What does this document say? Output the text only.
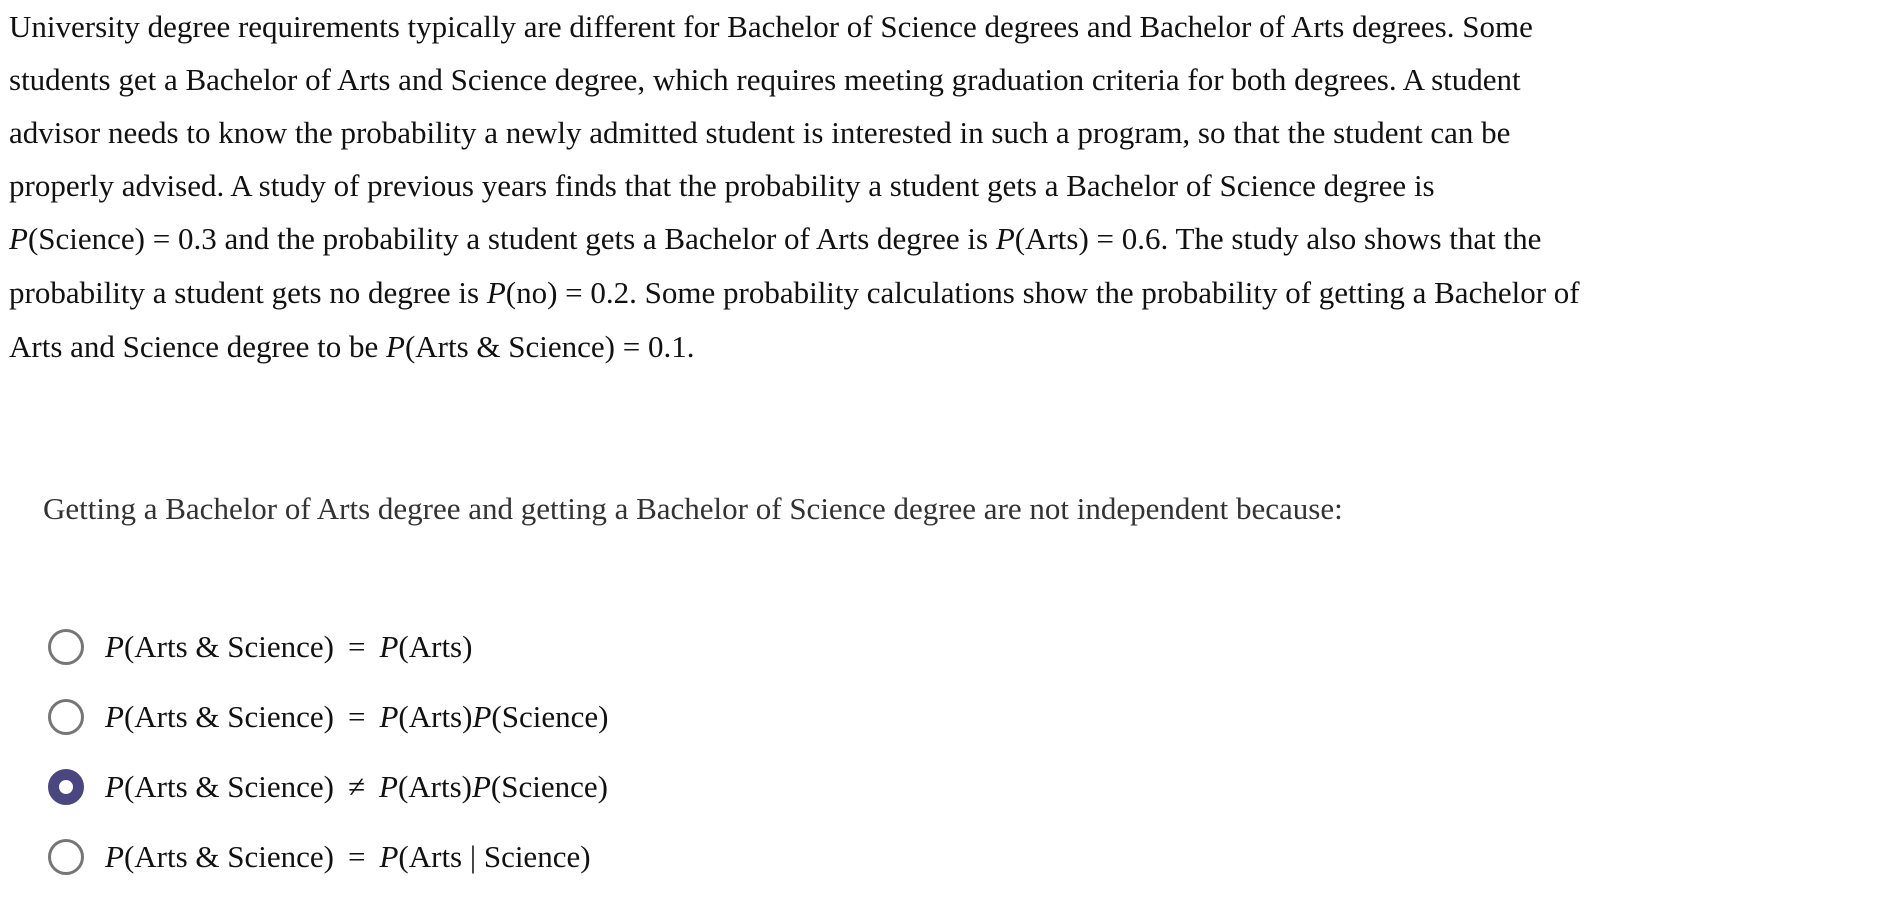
University degree requirements typically are different for Bachelor of Science degrees and Bachelor of Arts degrees. Some
students get a Bachelor of Arts and Science degree, which requires meeting graduation criteria for both degrees. A student
advisor needs to know the probability a newly admitted student is interested in such a program, so that the student can be
properly advised. A study of previous years finds that the probability a student gets a Bachelor of Science degree is
P(Science) = 0.3 and the probability a student gets a Bachelor of Arts degree is P(Arts) = 0.6. The study also shows that the
probability a student gets no degree is P(no) = 0.2. Some probability calculations show the probability of getting a Bachelor of
Arts and Science degree to be P(Arts & Science) = 0.1.
Getting a Bachelor of Arts degree and getting a Bachelor of Science degree are not independent because:
P(Arts & Science) = P(Arts)
P(Arts & Science) = P(Arts)P(Science)
P(Arts & Science) ≠ P(Arts)P(Science)
P(Arts & Science) = P(Arts | Science)
